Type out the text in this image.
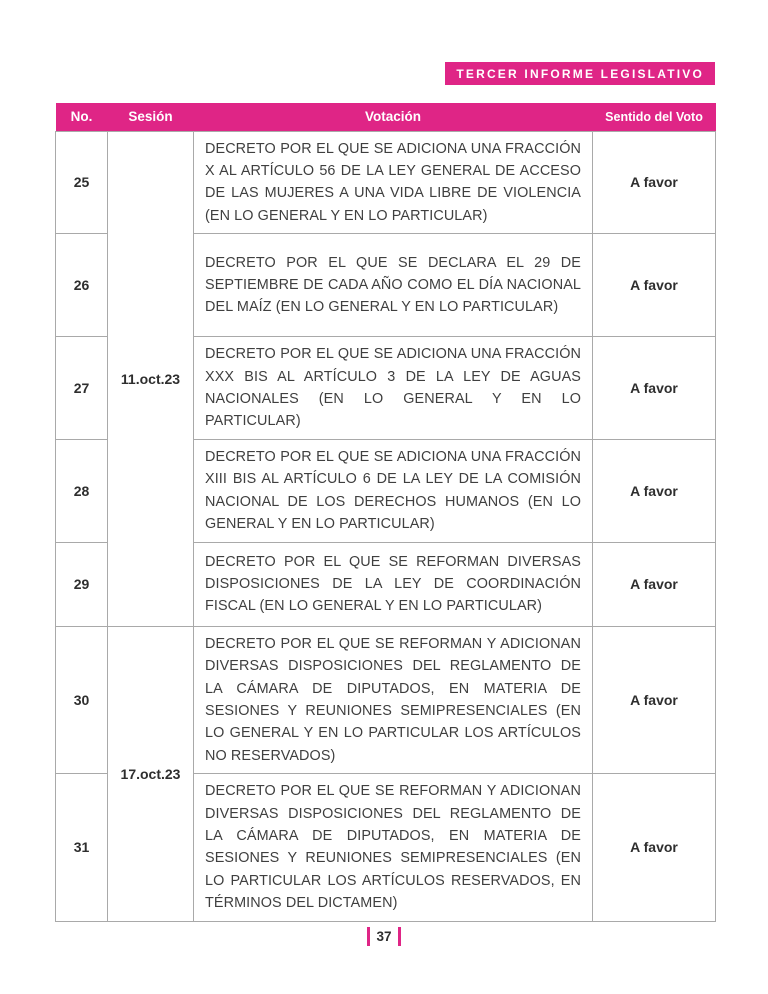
TERCER INFORME LEGISLATIVO
No.	Sesión	Votación	Sentido del Voto
25	11.oct.23	DECRETO POR EL QUE SE ADICIONA UNA FRACCIÓN X AL ARTÍCULO 56 DE LA LEY GENERAL DE ACCESO DE LAS MUJERES A UNA VIDA LIBRE DE VIOLENCIA (EN LO GENERAL Y EN LO PARTICULAR)	A favor
26		DECRETO POR EL QUE SE DECLARA EL 29 DE SEPTIEMBRE DE CADA AÑO COMO EL DÍA NACIONAL DEL MAÍZ (EN LO GENERAL Y EN LO PARTICULAR)	A favor
27		DECRETO POR EL QUE SE ADICIONA UNA FRACCIÓN XXX BIS AL ARTÍCULO 3 DE LA LEY DE AGUAS NACIONALES (EN LO GENERAL Y EN LO PARTICULAR)	A favor
28		DECRETO POR EL QUE SE ADICIONA UNA FRACCIÓN XIII BIS AL ARTÍCULO 6 DE LA LEY DE LA COMISIÓN NACIONAL DE LOS DERECHOS HUMANOS (EN LO GENERAL Y EN LO PARTICULAR)	A favor
29		DECRETO POR EL QUE SE REFORMAN DIVERSAS DISPOSICIONES DE LA LEY DE COORDINACIÓN FISCAL (EN LO GENERAL Y EN LO PARTICULAR)	A favor
30	17.oct.23	DECRETO POR EL QUE SE REFORMAN Y ADICIONAN DIVERSAS DISPOSICIONES DEL REGLAMENTO DE LA CÁMARA DE DIPUTADOS, EN MATERIA DE SESIONES Y REUNIONES SEMIPRESENCIALES (EN LO GENERAL Y EN LO PARTICULAR LOS ARTÍCULOS NO RESERVADOS)	A favor
31		DECRETO POR EL QUE SE REFORMAN Y ADICIONAN DIVERSAS DISPOSICIONES DEL REGLAMENTO DE LA CÁMARA DE DIPUTADOS, EN MATERIA DE SESIONES Y REUNIONES SEMIPRESENCIALES (EN LO PARTICULAR LOS ARTÍCULOS RESERVADOS, EN TÉRMINOS DEL DICTAMEN)	A favor
37
